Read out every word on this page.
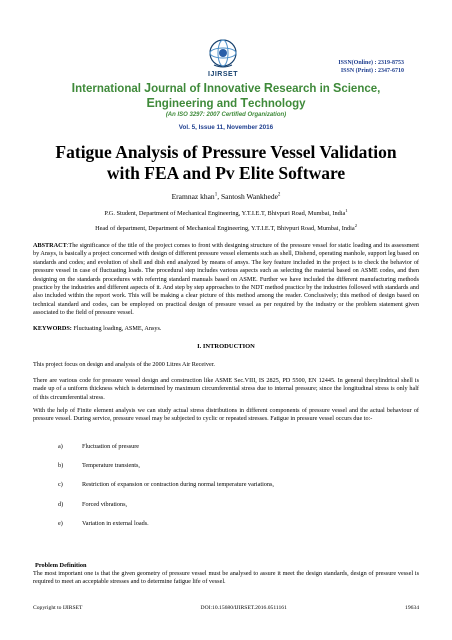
ISSN(Online) : 2319-8753
ISSN (Print) : 2347-6710
IJIRSET
International Journal of Innovative Research in Science,
Engineering and Technology
(An ISO 3297: 2007 Certified Organization)
Vol. 5, Issue 11, November 2016
Fatigue Analysis of Pressure Vessel Validation
with FEA and Pv Elite Software
Eramnaz khan$^1$, Santosh Wankhede$^2$
P.G. Student, Department of Mechanical Engineering, Y.T.I.E.T, Bhivpuri Road, Mumbai, India$^1$
Head of department, Department of Mechanical Engineering, Y.T.I.E.T, Bhivpuri Road, Mumbai, India$^2$
ABSTRACT:The significance of the title of the project comes to front with designing structure of the pressure vessel for static loading and its assessment by Ansys, is basically a project concerned with design of different pressure vessel elements such as shell, Dishend, operating manhole, support leg based on standards and codes; and evolution of shell and dish end analyzed by means of ansys. The key feature included in the project is to check the behavior of pressure vessel in case of fluctuating loads. The procedural step includes various aspects such as selecting the material based on ASME codes, and then designing on the standards procedures with referring standard manuals based on ASME. Further we have included the different manufacturing methods practice by the industries and different aspects of it. And step by step approaches to the NDT method practice by the industries followed with standards and also included within the report work. This will be making a clear picture of this method among the reader. Conclusively; this method of design based on technical standard and codes, can be employed on practical design of pressure vessel as per required by the industry or the problem statement given associated to the field of pressure vessel.
KEYWORDS: Fluctuating loading, ASME, Ansys.
I. INTRODUCTION
This project focus on design and analysis of the 2000 Litres Air Receiver.
There are various code for pressure vessel design and construction like ASME Sec.VIII, IS 2825, PD 5500, EN 12445. In general thecylindrical shell is made up of a uniform thickness which is determined by maximum circumferential stress due to internal pressure; since the longitudinal stress is only half of this circumferential stress.
With the help of Finite element analysis we can study actual stress distributions in different components of pressure vessel and the actual behaviour of pressure vessel. During service, pressure vessel may be subjected to cyclic or repeated stresses. Fatigue in pressure vessel occurs due to:-
a)	Fluctuation of pressure
b)	Temperature transients,
c)	Restriction of expansion or contraction during normal temperature variations,
d)	Forced vibrations,
e)	Variation in external loads.
Problem Definition
The most important one is that the given geometry of pressure vessel must be analysed to assure it meet the design standards, design of pressure vessel is required to meet an acceptable stresses and to determine fatigue life of vessel.
Copyright to IJIRSET	DOI:10.15680/IJIRSET.2016.0511161	19634
